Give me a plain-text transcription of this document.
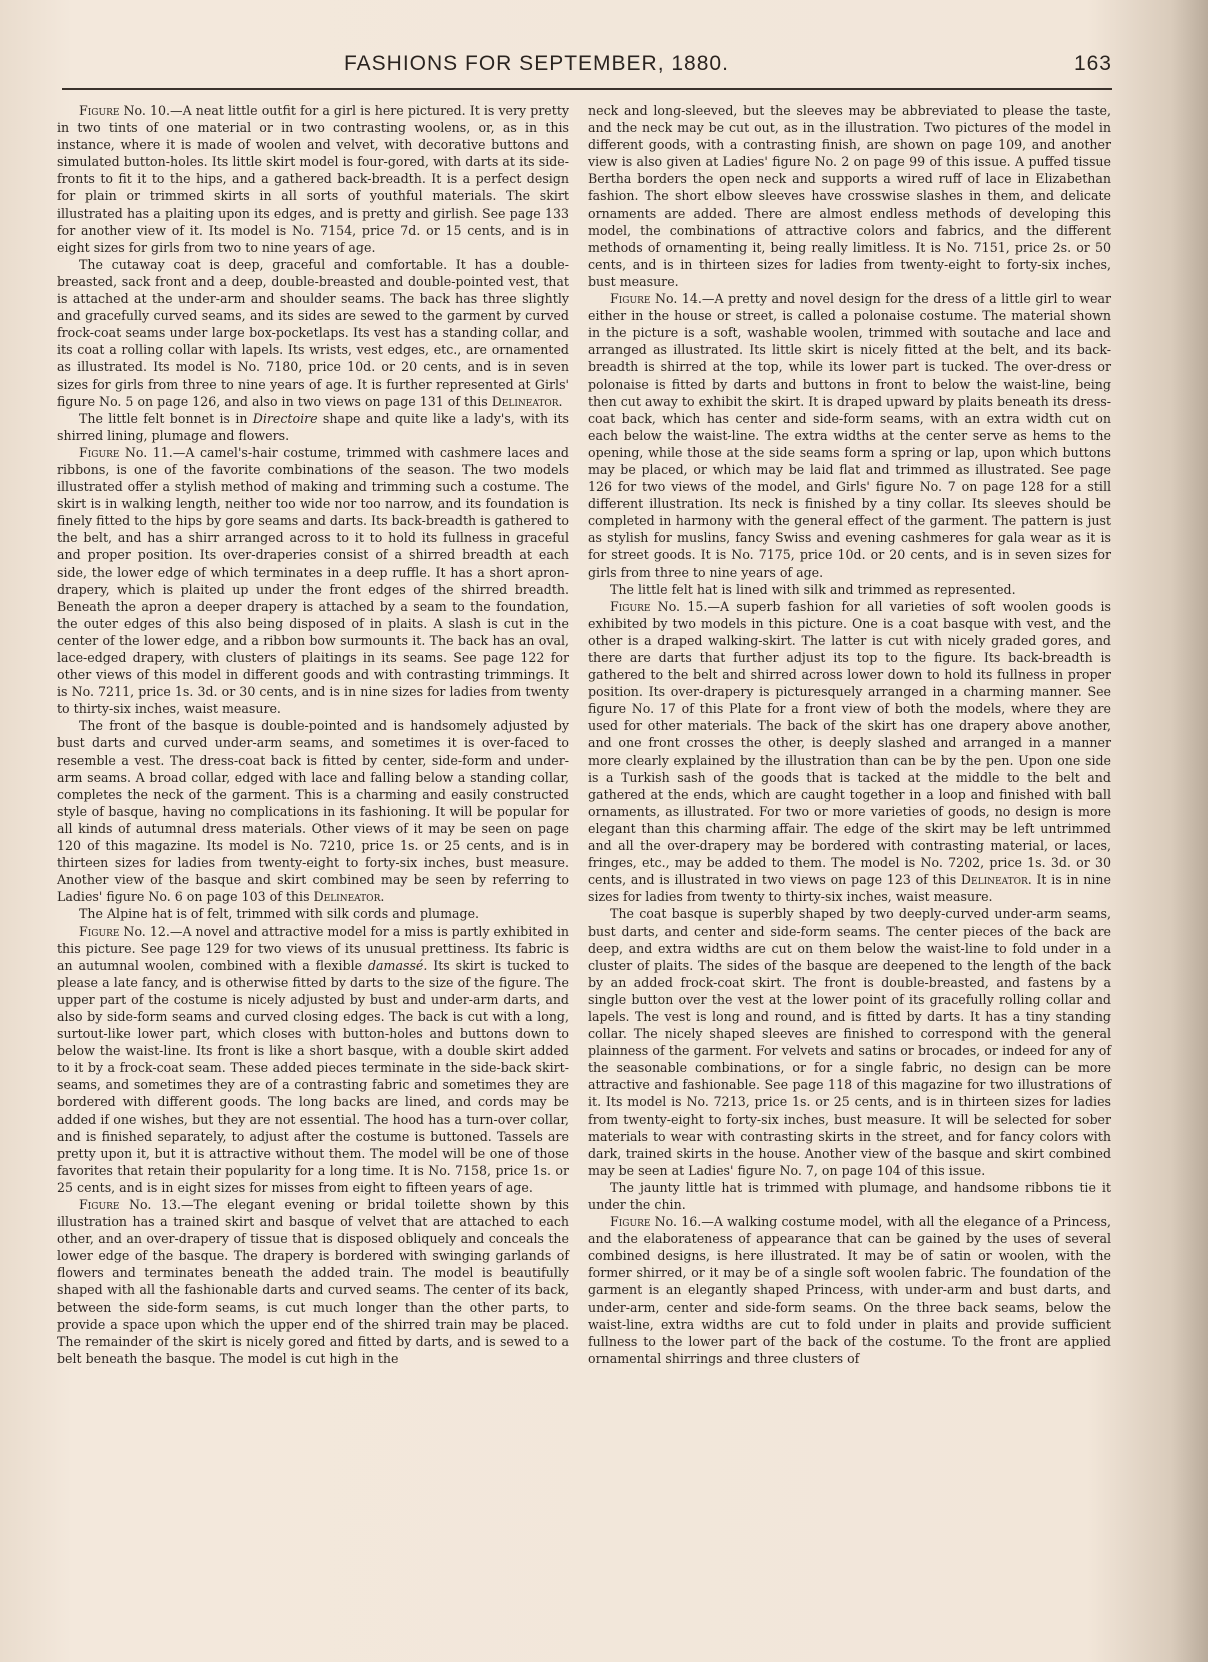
FASHIONS FOR SEPTEMBER, 1880.	163

Figure No. 10.—A neat little outfit for a girl is here pictured. It is very pretty in two tints of one material or in two contrasting woolens, or, as in this instance, where it is made of woolen and velvet, with decorative buttons and simulated button-holes. Its little skirt model is four-gored, with darts at its side-fronts to fit it to the hips, and a gathered back-breadth. It is a perfect design for plain or trimmed skirts in all sorts of youthful materials. The skirt illustrated has a plaiting upon its edges, and is pretty and girlish. See page 133 for another view of it. Its model is No. 7154, price 7d. or 15 cents, and is in eight sizes for girls from two to nine years of age.

The cutaway coat is deep, graceful and comfortable. It has a double-breasted, sack front and a deep, double-breasted and double-pointed vest, that is attached at the under-arm and shoulder seams. The back has three slightly and gracefully curved seams, and its sides are sewed to the garment by curved frock-coat seams under large box-pocketlaps. Its vest has a standing collar, and its coat a rolling collar with lapels. Its wrists, vest edges, etc., are ornamented as illustrated. Its model is No. 7180, price 10d. or 20 cents, and is in seven sizes for girls from three to nine years of age. It is further represented at Girls' figure No. 5 on page 126, and also in two views on page 131 of this Delineator.

The little felt bonnet is in Directoire shape and quite like a lady's, with its shirred lining, plumage and flowers.

Figure No. 11.—A camel's-hair costume, trimmed with cashmere laces and ribbons, is one of the favorite combinations of the season. The two models illustrated offer a stylish method of making and trimming such a costume. The skirt is in walking length, neither too wide nor too narrow, and its foundation is finely fitted to the hips by gore seams and darts. Its back-breadth is gathered to the belt, and has a shirr arranged across to it to hold its fullness in graceful and proper position. Its over-draperies consist of a shirred breadth at each side, the lower edge of which terminates in a deep ruffle. It has a short apron-drapery, which is plaited up under the front edges of the shirred breadth. Beneath the apron a deeper drapery is attached by a seam to the foundation, the outer edges of this also being disposed of in plaits. A slash is cut in the center of the lower edge, and a ribbon bow surmounts it. The back has an oval, lace-edged drapery, with clusters of plaitings in its seams. See page 122 for other views of this model in different goods and with contrasting trimmings. It is No. 7211, price 1s. 3d. or 30 cents, and is in nine sizes for ladies from twenty to thirty-six inches, waist measure.

The front of the basque is double-pointed and is handsomely adjusted by bust darts and curved under-arm seams, and sometimes it is over-faced to resemble a vest. The dress-coat back is fitted by center, side-form and under-arm seams. A broad collar, edged with lace and falling below a standing collar, completes the neck of the garment. This is a charming and easily constructed style of basque, having no complications in its fashioning. It will be popular for all kinds of autumnal dress materials. Other views of it may be seen on page 120 of this magazine. Its model is No. 7210, price 1s. or 25 cents, and is in thirteen sizes for ladies from twenty-eight to forty-six inches, bust measure. Another view of the basque and skirt combined may be seen by referring to Ladies' figure No. 6 on page 103 of this Delineator.

The Alpine hat is of felt, trimmed with silk cords and plumage.

Figure No. 12.—A novel and attractive model for a miss is partly exhibited in this picture. See page 129 for two views of its unusual prettiness. Its fabric is an autumnal woolen, combined with a flexible damassé. Its skirt is tucked to please a late fancy, and is otherwise fitted by darts to the size of the figure. The upper part of the costume is nicely adjusted by bust and under-arm darts, and also by side-form seams and curved closing edges. The back is cut with a long, surtout-like lower part, which closes with button-holes and buttons down to below the waist-line. Its front is like a short basque, with a double skirt added to it by a frock-coat seam. These added pieces terminate in the side-back skirt-seams, and sometimes they are of a contrasting fabric and sometimes they are bordered with different goods. The long backs are lined, and cords may be added if one wishes, but they are not essential. The hood has a turn-over collar, and is finished separately, to adjust after the costume is buttoned. Tassels are pretty upon it, but it is attractive without them. The model will be one of those favorites that retain their popularity for a long time. It is No. 7158, price 1s. or 25 cents, and is in eight sizes for misses from eight to fifteen years of age.

Figure No. 13.—The elegant evening or bridal toilette shown by this illustration has a trained skirt and basque of velvet that are attached to each other, and an over-drapery of tissue that is disposed obliquely and conceals the lower edge of the basque. The drapery is bordered with swinging garlands of flowers and terminates beneath the added train. The model is beautifully shaped with all the fashionable darts and curved seams. The center of its back, between the side-form seams, is cut much longer than the other parts, to provide a space upon which the upper end of the shirred train may be placed. The remainder of the skirt is nicely gored and fitted by darts, and is sewed to a belt beneath the basque. The model is cut high in the

neck and long-sleeved, but the sleeves may be abbreviated to please the taste, and the neck may be cut out, as in the illustration. Two pictures of the model in different goods, with a contrasting finish, are shown on page 109, and another view is also given at Ladies' figure No. 2 on page 99 of this issue. A puffed tissue Bertha borders the open neck and supports a wired ruff of lace in Elizabethan fashion. The short elbow sleeves have crosswise slashes in them, and delicate ornaments are added. There are almost endless methods of developing this model, the combinations of attractive colors and fabrics, and the different methods of ornamenting it, being really limitless. It is No. 7151, price 2s. or 50 cents, and is in thirteen sizes for ladies from twenty-eight to forty-six inches, bust measure.

Figure No. 14.—A pretty and novel design for the dress of a little girl to wear either in the house or street, is called a polonaise costume. The material shown in the picture is a soft, washable woolen, trimmed with soutache and lace and arranged as illustrated. Its little skirt is nicely fitted at the belt, and its back-breadth is shirred at the top, while its lower part is tucked. The over-dress or polonaise is fitted by darts and buttons in front to below the waist-line, being then cut away to exhibit the skirt. It is draped upward by plaits beneath its dress-coat back, which has center and side-form seams, with an extra width cut on each below the waist-line. The extra widths at the center serve as hems to the opening, while those at the side seams form a spring or lap, upon which buttons may be placed, or which may be laid flat and trimmed as illustrated. See page 126 for two views of the model, and Girls' figure No. 7 on page 128 for a still different illustration. Its neck is finished by a tiny collar. Its sleeves should be completed in harmony with the general effect of the garment. The pattern is just as stylish for muslins, fancy Swiss and evening cashmeres for gala wear as it is for street goods. It is No. 7175, price 10d. or 20 cents, and is in seven sizes for girls from three to nine years of age.

The little felt hat is lined with silk and trimmed as represented.

Figure No. 15.—A superb fashion for all varieties of soft woolen goods is exhibited by two models in this picture. One is a coat basque with vest, and the other is a draped walking-skirt. The latter is cut with nicely graded gores, and there are darts that further adjust its top to the figure. Its back-breadth is gathered to the belt and shirred across lower down to hold its fullness in proper position. Its over-drapery is picturesquely arranged in a charming manner. See figure No. 17 of this Plate for a front view of both the models, where they are used for other materials. The back of the skirt has one drapery above another, and one front crosses the other, is deeply slashed and arranged in a manner more clearly explained by the illustration than can be by the pen. Upon one side is a Turkish sash of the goods that is tacked at the middle to the belt and gathered at the ends, which are caught together in a loop and finished with ball ornaments, as illustrated. For two or more varieties of goods, no design is more elegant than this charming affair. The edge of the skirt may be left untrimmed and all the over-drapery may be bordered with contrasting material, or laces, fringes, etc., may be added to them. The model is No. 7202, price 1s. 3d. or 30 cents, and is illustrated in two views on page 123 of this Delineator. It is in nine sizes for ladies from twenty to thirty-six inches, waist measure.

The coat basque is superbly shaped by two deeply-curved under-arm seams, bust darts, and center and side-form seams. The center pieces of the back are deep, and extra widths are cut on them below the waist-line to fold under in a cluster of plaits. The sides of the basque are deepened to the length of the back by an added frock-coat skirt. The front is double-breasted, and fastens by a single button over the vest at the lower point of its gracefully rolling collar and lapels. The vest is long and round, and is fitted by darts. It has a tiny standing collar. The nicely shaped sleeves are finished to correspond with the general plainness of the garment. For velvets and satins or brocades, or indeed for any of the seasonable combinations, or for a single fabric, no design can be more attractive and fashionable. See page 118 of this magazine for two illustrations of it. Its model is No. 7213, price 1s. or 25 cents, and is in thirteen sizes for ladies from twenty-eight to forty-six inches, bust measure. It will be selected for sober materials to wear with contrasting skirts in the street, and for fancy colors with dark, trained skirts in the house. Another view of the basque and skirt combined may be seen at Ladies' figure No. 7, on page 104 of this issue.

The jaunty little hat is trimmed with plumage, and handsome ribbons tie it under the chin.

Figure No. 16.—A walking costume model, with all the elegance of a Princess, and the elaborateness of appearance that can be gained by the uses of several combined designs, is here illustrated. It may be of satin or woolen, with the former shirred, or it may be of a single soft woolen fabric. The foundation of the garment is an elegantly shaped Princess, with under-arm and bust darts, and under-arm, center and side-form seams. On the three back seams, below the waist-line, extra widths are cut to fold under in plaits and provide sufficient fullness to the lower part of the back of the costume. To the front are applied ornamental shirrings and three clusters of
